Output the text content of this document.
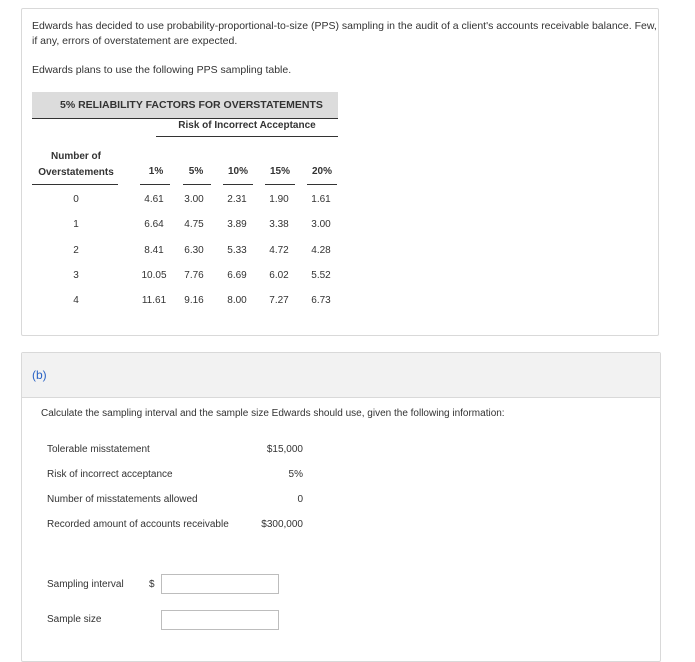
Edwards has decided to use probability-proportional-to-size (PPS) sampling in the audit of a client's accounts receivable balance. Few, if any, errors of overstatement are expected.
Edwards plans to use the following PPS sampling table.
5% RELIABILITY FACTORS FOR OVERSTATEMENTS
Risk of Incorrect Acceptance
Number of
Overstatements	1%	5%	10%	15%	20%
0	4.61	3.00	2.31	1.90	1.61
1	6.64	4.75	3.89	3.38	3.00
2	8.41	6.30	5.33	4.72	4.28
3	10.05	7.76	6.69	6.02	5.52
4	11.61	9.16	8.00	7.27	6.73
(b)
Calculate the sampling interval and the sample size Edwards should use, given the following information:
Tolerable misstatement	$15,000
Risk of incorrect acceptance	5%
Number of misstatements allowed	0
Recorded amount of accounts receivable	$300,000
Sampling interval	$
Sample size
